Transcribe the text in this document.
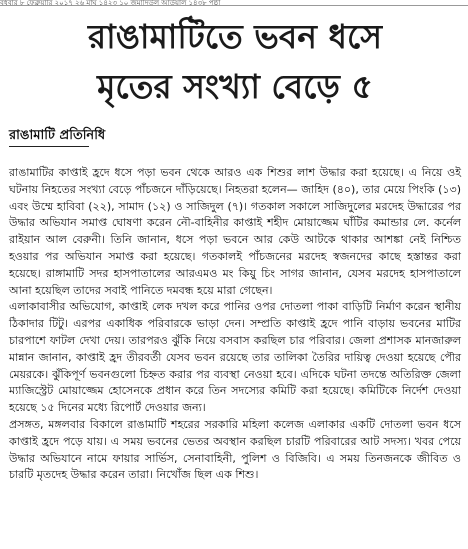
বুধবার ৮ ফেব্রুয়ারি ২০১৭ ২৬ মাঘ ১৪২৩ ১০ জমাদিউল আউয়াল ১৪৩৮ পৃষ্ঠা
রাঙামাটিতে ভবন ধসে
মৃতের সংখ্যা বেড়ে ৫
রাঙামাটি প্রতিনিধি

রাঙামাটির কাপ্তাই হ্রদে ধসে পড়া ভবন থেকে আরও এক শিশুর লাশ উদ্ধার করা হয়েছে। এ নিয়ে ওই ঘটনায় নিহতের সংখ্যা বেড়ে পাঁচজনে দাঁড়িয়েছে। নিহতরা হলেন— জাহিদ (৪০), তার মেয়ে পিংকি (১৩) এবং উম্মে হাবিবা (২২), সামাদ (১২) ও সাজিদুল (৭)। গতকাল সকালে সাজিদুলের মরদেহ উদ্ধারের পর উদ্ধার অভিযান সমাপ্ত ঘোষণা করেন নৌ-বাহিনীর কাপ্তাই শহীদ মোয়াজ্জেম ঘাঁটির কমান্ডার লে. কর্নেল রাইয়ান আল বেরুনী। তিনি জানান, ধসে পড়া ভবনে আর কেউ আটকে থাকার আশঙ্কা নেই নিশ্চিত হওয়ার পর অভিযান সমাপ্ত করা হয়েছে। গতকালই পাঁচজনের মরদেহ স্বজনদের কাছে হস্তান্তর করা হয়েছে। রাঙ্গামাটি সদর হাসপাতালের আরএমও মং কিয়ু চিং সাগর জানান, যেসব মরদেহ হাসপাতালে আনা হয়েছিল তাদের সবাই পানিতে দমবন্ধ হয়ে মারা গেছেন।

এলাকাবাসীর অভিযোগ, কাপ্তাই লেক দখল করে পানির ওপর দোতলা পাকা বাড়িটি নির্মাণ করেন স্থানীয় ঠিকাদার টিটু। এরপর একাধিক পরিবারকে ভাড়া দেন। সম্প্রতি কাপ্তাই হ্রদে পানি বাড়ায় ভবনের মাটির চারপাশে ফাটল দেখা দেয়। তারপরও ঝুঁকি নিয়ে বসবাস করছিল চার পরিবার। জেলা প্রশাসক মানজারুল মান্নান জানান, কাপ্তাই হ্রদ তীরবর্তী যেসব ভবন রয়েছে তার তালিকা তৈরির দায়িত্ব দেওয়া হয়েছে পৌর মেয়রকে। ঝুঁকিপূর্ণ ভবনগুলো চিহ্নত করার পর ব্যবস্থা নেওয়া হবে। এদিকে ঘটনা তদন্তে অতিরিক্ত জেলা ম্যাজিস্ট্রেট মোয়াজ্জেম হোসেনকে প্রধান করে তিন সদস্যের কমিটি করা হয়েছে। কমিটিকে নির্দেশ দেওয়া হয়েছে ১৫ দিনের মধ্যে রিপোর্ট দেওয়ার জন্য।

প্রসঙ্গত, মঙ্গলবার বিকালে রাঙামাটি শহরের সরকারি মহিলা কলেজ এলাকার একটি দোতলা ভবন ধসে কাপ্তাই হ্রদে পড়ে যায়। এ সময় ভবনের ভেতর অবস্থান করছিল চারটি পরিবারের আট সদস্য। খবর পেয়ে উদ্ধার অভিযানে নামে ফায়ার সার্ভিস, সেনাবাহিনী, পুলিশ ও বিজিবি। এ সময় তিনজনকে জীবিত ও চারটি মৃতদেহ উদ্ধার করেন তারা। নিখোঁজ ছিল এক শিশু।
